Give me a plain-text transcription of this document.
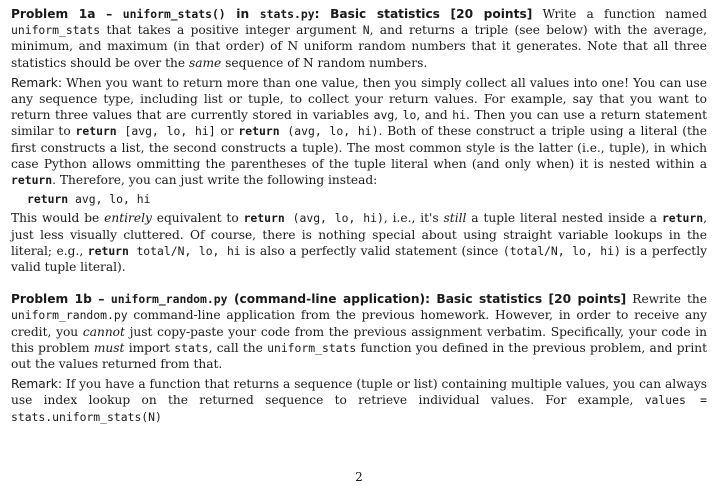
Problem 1a – uniform_stats() in stats.py: Basic statistics [20 points] Write a function named uniform_stats that takes a positive integer argument N, and returns a triple (see below) with the average, minimum, and maximum (in that order) of N uniform random numbers that it generates. Note that all three statistics should be over the same sequence of N random numbers.

Remark: When you want to return more than one value, then you simply collect all values into one! You can use any sequence type, including list or tuple, to collect your return values. For example, say that you want to return three values that are currently stored in variables avg, lo, and hi. Then you can use a return statement similar to return [avg, lo, hi] or return (avg, lo, hi). Both of these construct a triple using a literal (the first constructs a list, the second constructs a tuple). The most common style is the latter (i.e., tuple), in which case Python allows ommitting the parentheses of the tuple literal when (and only when) it is nested within a return. Therefore, you can just write the following instead:

return avg, lo, hi

This would be entirely equivalent to return (avg, lo, hi), i.e., it's still a tuple literal nested inside a return, just less visually cluttered. Of course, there is nothing special about using straight variable lookups in the literal; e.g., return total/N, lo, hi is also a perfectly valid statement (since (total/N, lo, hi) is a perfectly valid tuple literal).

Problem 1b – uniform_random.py (command-line application): Basic statistics [20 points] Rewrite the uniform_random.py command-line application from the previous homework. However, in order to receive any credit, you cannot just copy-paste your code from the previous assignment verbatim. Specifically, your code in this problem must import stats, call the uniform_stats function you defined in the previous problem, and print out the values returned from that.

Remark: If you have a function that returns a sequence (tuple or list) containing multiple values, you can always use index lookup on the returned sequence to retrieve individual values. For example, values = stats.uniform_stats(N)

2
